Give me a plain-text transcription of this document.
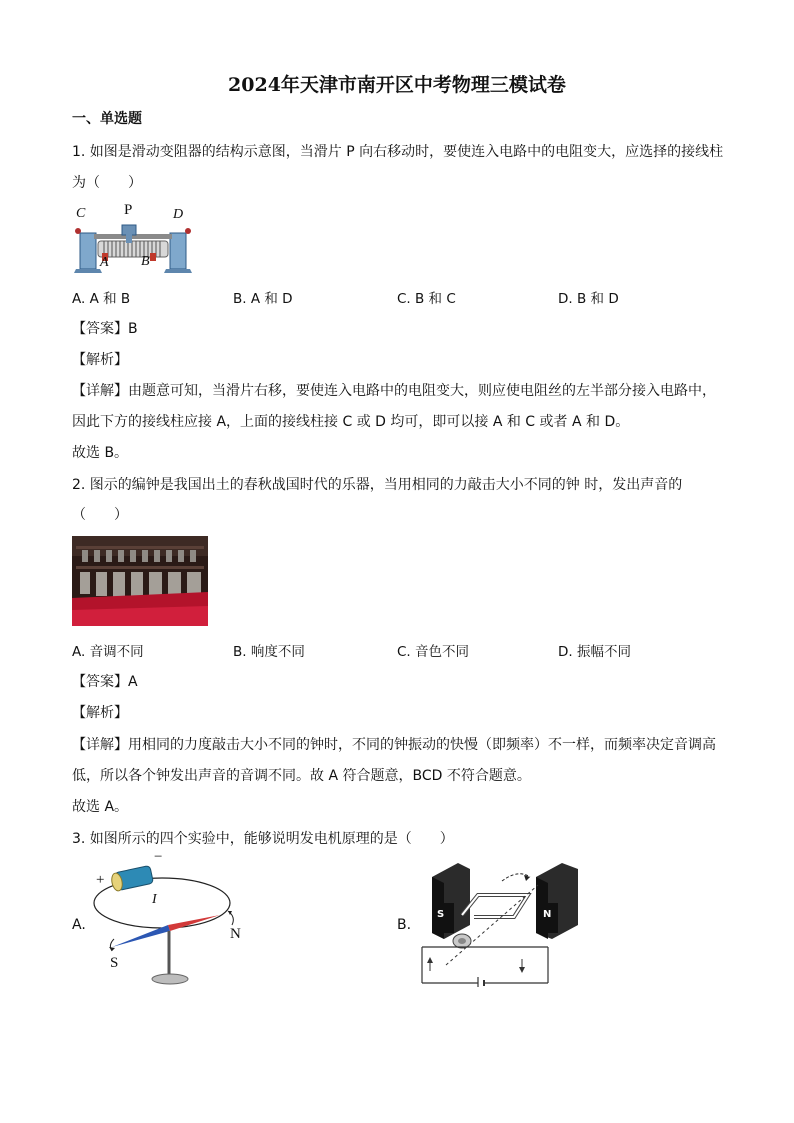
2024年天津市南开区中考物理三模试卷
一、单选题
1. 如图是滑动变阻器的结构示意图，当滑片 P 向右移动时，要使连入电路中的电阻变大，应选择的接线柱
为（　　）
C	P	D
A B
A. A 和 B	B. A 和 D	C. B 和 C	D. B 和 D
【答案】B
【解析】
【详解】由题意可知，当滑片右移，要使连入电路中的电阻变大，则应使电阻丝的左半部分接入电路中，
因此下方的接线柱应接 A，上面的接线柱接 C 或 D 均可，即可以接 A 和 C 或者 A 和 D。
故选 B。
2. 图示的编钟是我国出土的春秋战国时代的乐器，当用相同的力敲击大小不同的钟 时，发出声音的
（　　）
A. 音调不同	B. 响度不同	C. 音色不同	D. 振幅不同
【答案】A
【解析】
【详解】用相同的力度敲击大小不同的钟时，不同的钟振动的快慢（即频率）不一样，而频率决定音调高
低，所以各个钟发出声音的音调不同。故 A 符合题意，BCD 不符合题意。
故选 A。
3. 如图所示的四个实验中，能够说明发电机原理的是（　　）
A.
+
−
I
N
S
B.
S	N
